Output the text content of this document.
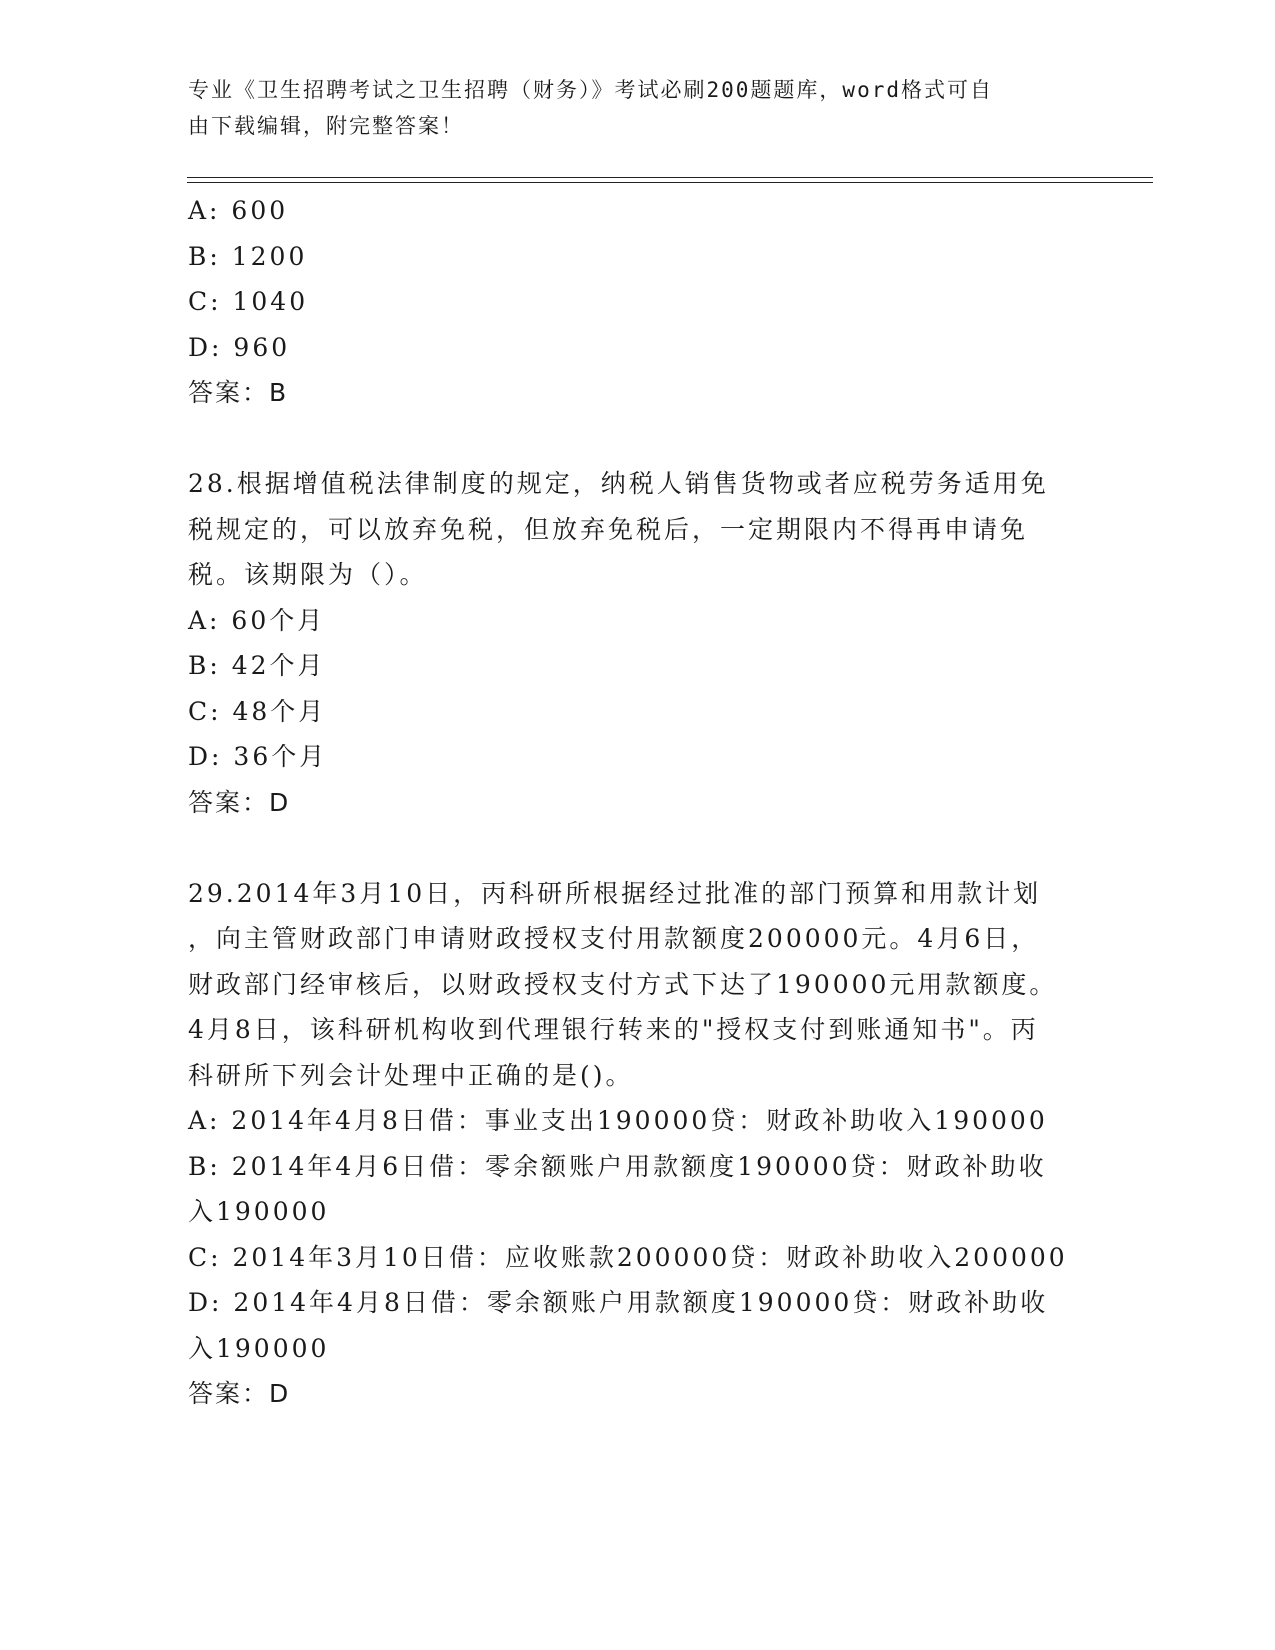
专业《卫生招聘考试之卫生招聘（财务）》考试必刷200题题库，word格式可自
由下载编辑，附完整答案！
A: 600
B: 1200
C: 1040
D: 960
答案：B
28.根据增值税法律制度的规定，纳税人销售货物或者应税劳务适用免
税规定的，可以放弃免税，但放弃免税后，一定期限内不得再申请免
税。该期限为（）。
A: 60个月
B: 42个月
C: 48个月
D: 36个月
答案：D
29.2014年3月10日，丙科研所根据经过批准的部门预算和用款计划
，向主管财政部门申请财政授权支付用款额度200000元。4月6日，
财政部门经审核后，以财政授权支付方式下达了190000元用款额度。
4月8日，该科研机构收到代理银行转来的"授权支付到账通知书"。丙
科研所下列会计处理中正确的是()。
A: 2014年4月8日借：事业支出190000贷：财政补助收入190000
B: 2014年4月6日借：零余额账户用款额度190000贷：财政补助收
入190000
C: 2014年3月10日借：应收账款200000贷：财政补助收入200000
D: 2014年4月8日借：零余额账户用款额度190000贷：财政补助收
入190000
答案：D
